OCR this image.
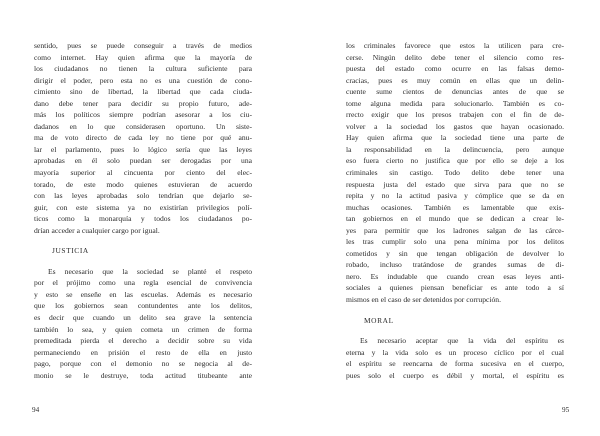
sentido, pues se puede conseguir a través de medios
como internet. Hay quien afirma que la mayoría de
los ciudadanos no tienen la cultura suficiente para
dirigir el poder, pero esta no es una cuestión de cono-
cimiento sino de libertad, la libertad que cada ciuda-
dano debe tener para decidir su propio futuro, ade-
más los políticos siempre podrían asesorar a los ciu-
dadanos en lo que considerasen oportuno. Un siste-
ma de voto directo de cada ley no tiene por qué anu-
lar el parlamento, pues lo lógico sería que las leyes
aprobadas en él solo puedan ser derogadas por una
mayoría superior al cincuenta por ciento del elec-
torado, de este modo quienes estuvieran de acuerdo
con las leyes aprobadas solo tendrían que dejarlo se-
guir, con este sistema ya no existirían privilegios polí-
ticos como la monarquía y todos los ciudadanos po-
drían acceder a cualquier cargo por igual.
JUSTICIA
Es necesario que la sociedad se planté el respeto
por el prójimo como una regla esencial de convivencia
y esto se enseñe en las escuelas. Además es necesario
que los gobiernos sean contundentes ante los delitos,
es decir que cuando un delito sea grave la sentencia
también lo sea, y quien cometa un crimen de forma
premeditada pierda el derecho a decidir sobre su vida
permaneciendo en prisión el resto de ella en justo
pago, porque con el demonio no se negocia al de-
monio se le destruye, toda actitud titubeante ante
los criminales favorece que estos la utilicen para cre-
cerse. Ningún delito debe tener el silencio como res-
puesta del estado como ocurre en las falsas demo-
cracias, pues es muy común en ellas que un delin-
cuente sume cientos de denuncias antes de que se
tome alguna medida para solucionarlo. También es co-
rrecto exigir que los presos trabajen con el fin de de-
volver a la sociedad los gastos que hayan ocasionado.
Hay quien afirma que la sociedad tiene una parte de
la responsabilidad en la delincuencia, pero aunque
eso fuera cierto no justifica que por ello se deje a los
criminales sin castigo. Todo delito debe tener una
respuesta justa del estado que sirva para que no se
repita y no la actitud pasiva y cómplice que se da en
muchas ocasiones. También es lamentable que exis-
tan gobiernos en el mundo que se dedican a crear le-
yes para permitir que los ladrones salgan de las cárce-
les tras cumplir solo una pena mínima por los delitos
cometidos y sin que tengan obligación de devolver lo
robado, incluso tratándose de grandes sumas de di-
nero. Es indudable que cuando crean esas leyes anti-
sociales a quienes piensan beneficiar es ante todo a sí
mismos en el caso de ser detenidos por corrupción.
MORAL
Es necesario aceptar que la vida del espíritu es
eterna y la vida solo es un proceso cíclico por el cual
el espíritu se reencarna de forma sucesiva en el cuerpo,
pues solo el cuerpo es débil y mortal, el espíritu es
94	95
